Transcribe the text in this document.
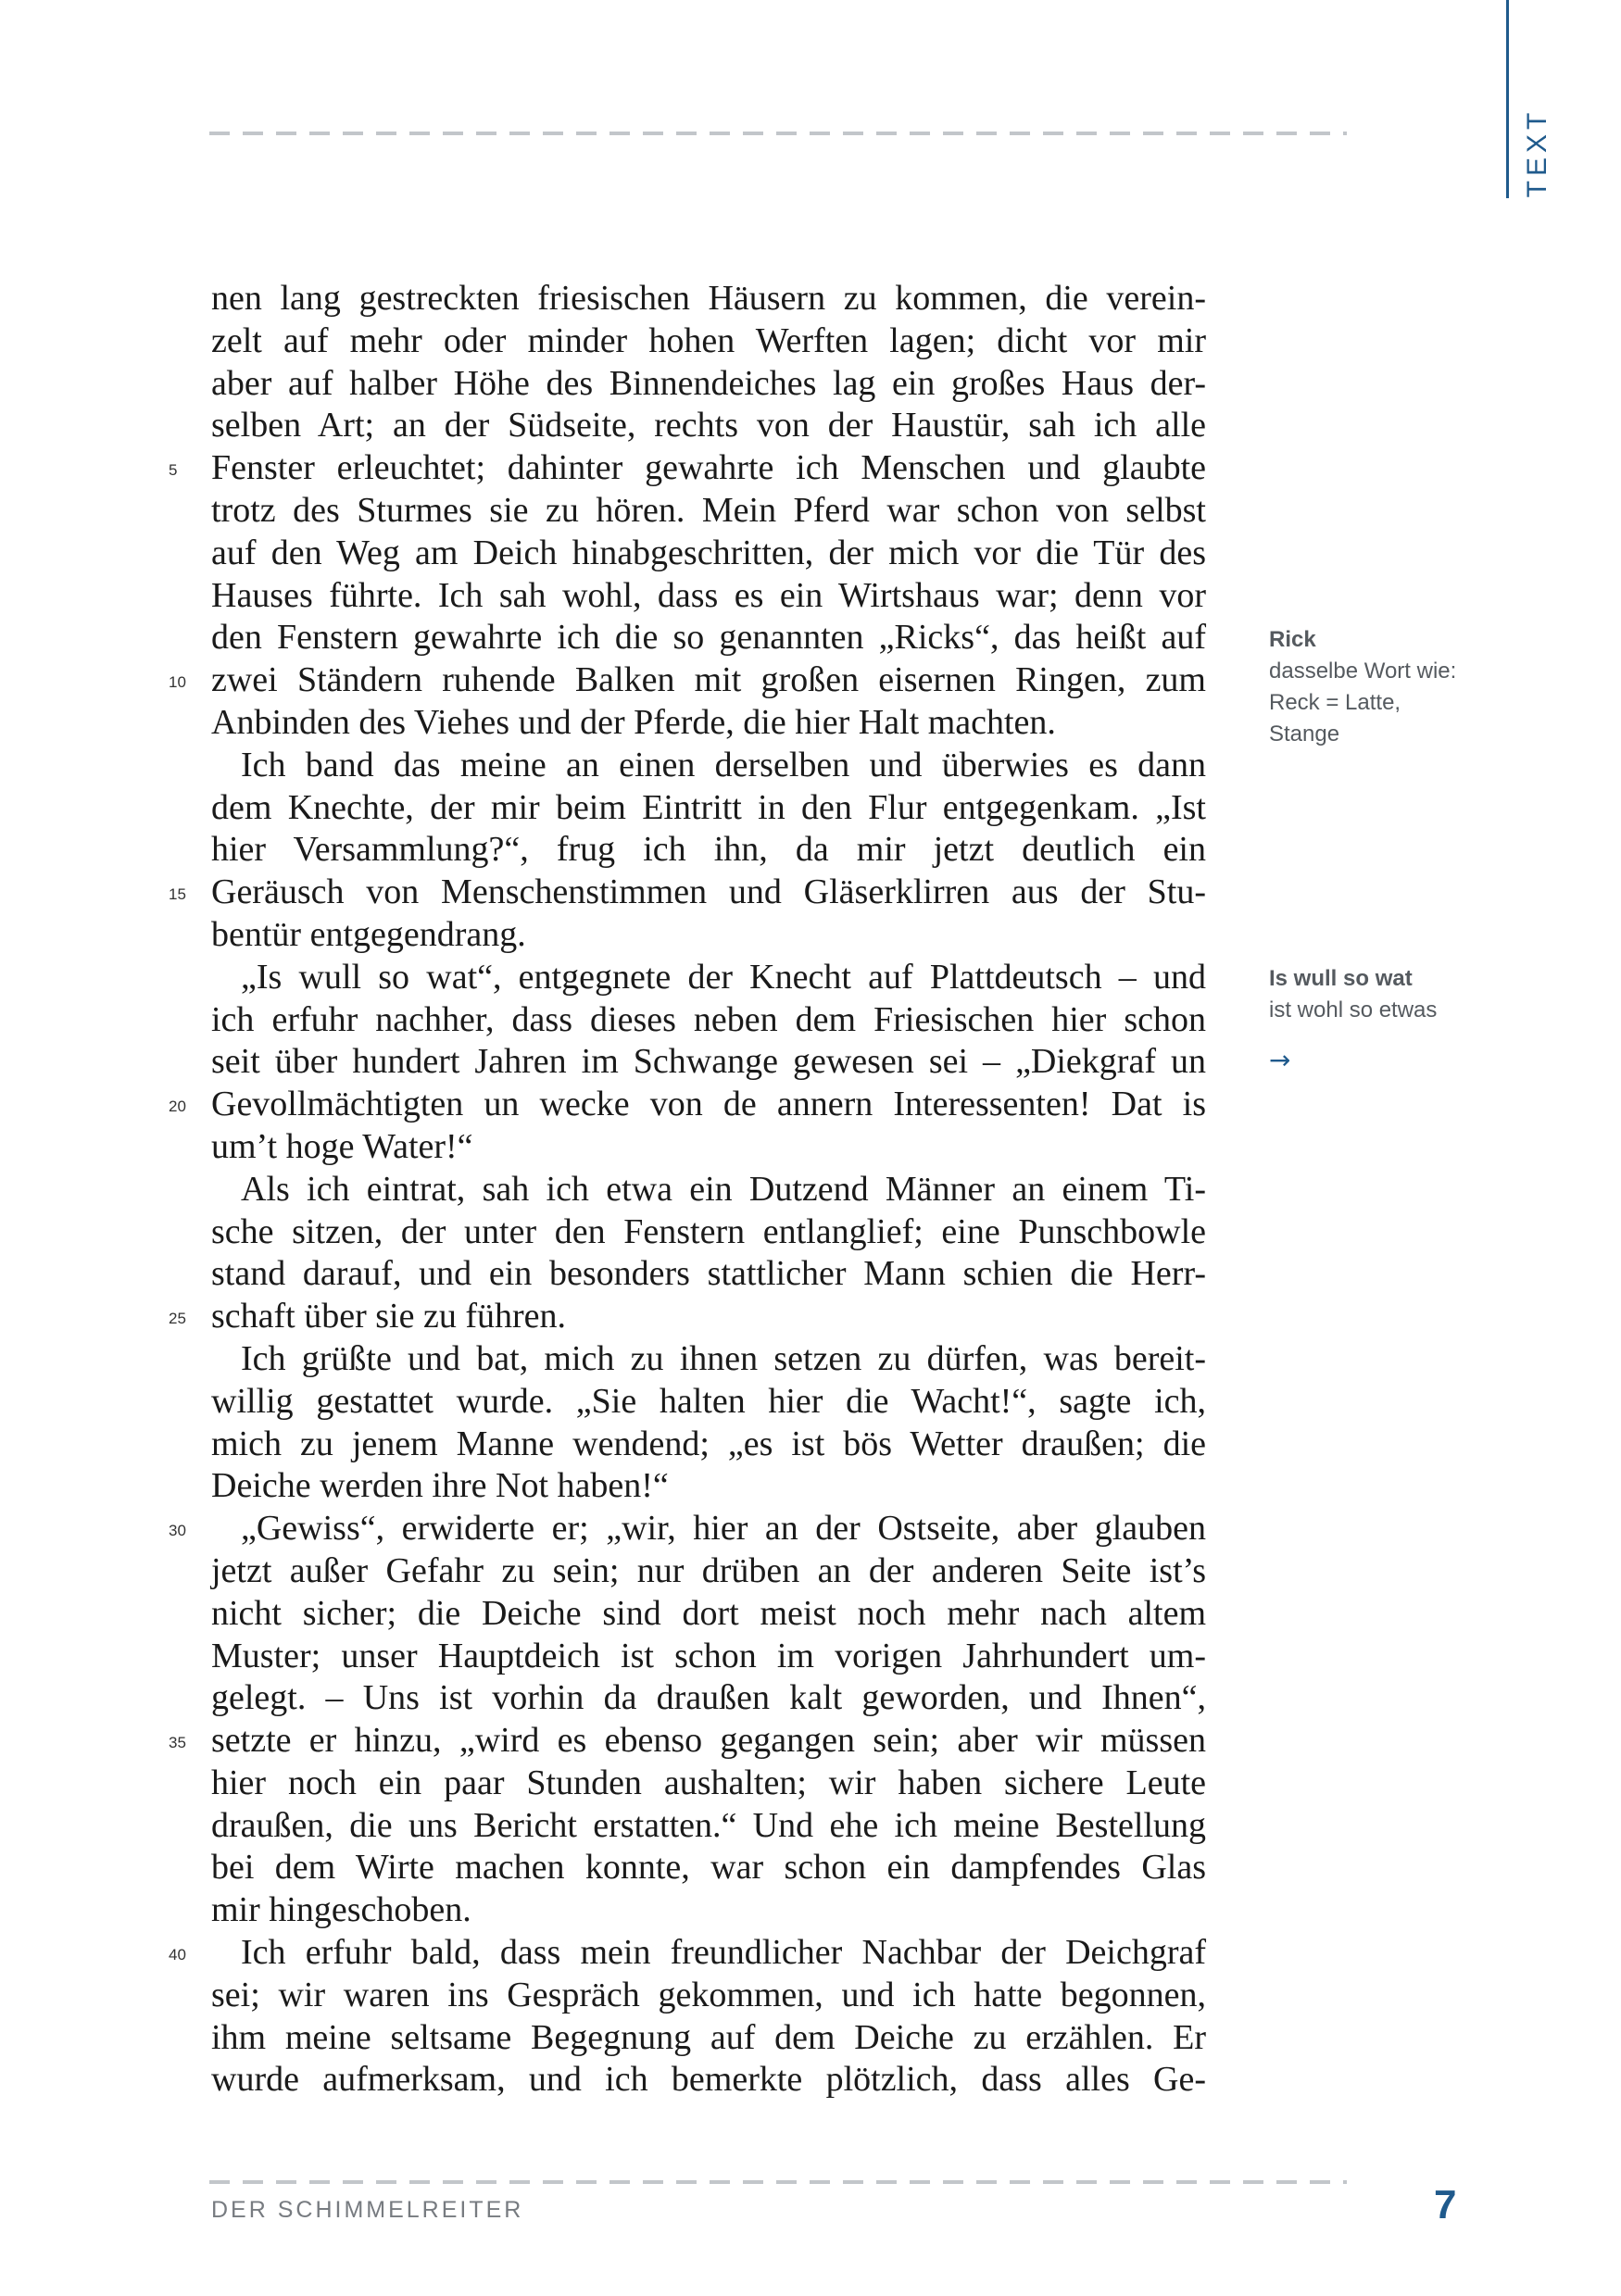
TEXT
nen lang gestreckten friesischen Häusern zu kommen, die verein-
zelt auf mehr oder minder hohen Werften lagen; dicht vor mir
aber auf halber Höhe des Binnendeiches lag ein großes Haus der-
selben Art; an der Südseite, rechts von der Haustür, sah ich alle
5 Fenster erleuchtet; dahinter gewahrte ich Menschen und glaubte
trotz des Sturmes sie zu hören. Mein Pferd war schon von selbst
auf den Weg am Deich hinabgeschritten, der mich vor die Tür des
Hauses führte. Ich sah wohl, dass es ein Wirtshaus war; denn vor
den Fenstern gewahrte ich die so genannten „Ricks“, das heißt auf
10 zwei Ständern ruhende Balken mit großen eisernen Ringen, zum
Anbinden des Viehes und der Pferde, die hier Halt machten.
Ich band das meine an einen derselben und überwies es dann
dem Knechte, der mir beim Eintritt in den Flur entgegenkam. „Ist
hier Versammlung?“, frug ich ihn, da mir jetzt deutlich ein
15 Geräusch von Menschenstimmen und Gläserklirren aus der Stu-
bentür entgegendrang.
„Is wull so wat“, entgegnete der Knecht auf Plattdeutsch – und
ich erfuhr nachher, dass dieses neben dem Friesischen hier schon
seit über hundert Jahren im Schwange gewesen sei – „Diekgraf un
20 Gevollmächtigten un wecke von de annern Interessenten! Dat is
um’t hoge Water!“
Als ich eintrat, sah ich etwa ein Dutzend Männer an einem Ti-
sche sitzen, der unter den Fenstern entlanglief; eine Punschbowle
stand darauf, und ein besonders stattlicher Mann schien die Herr-
25 schaft über sie zu führen.
Ich grüßte und bat, mich zu ihnen setzen zu dürfen, was bereit-
willig gestattet wurde. „Sie halten hier die Wacht!“, sagte ich,
mich zu jenem Manne wendend; „es ist bös Wetter draußen; die
Deiche werden ihre Not haben!“
30	„Gewiss“, erwiderte er; „wir, hier an der Ostseite, aber glauben
jetzt außer Gefahr zu sein; nur drüben an der anderen Seite ist’s
nicht sicher; die Deiche sind dort meist noch mehr nach altem
Muster; unser Hauptdeich ist schon im vorigen Jahrhundert um-
gelegt. – Uns ist vorhin da draußen kalt geworden, und Ihnen“,
35 setzte er hinzu, „wird es ebenso gegangen sein; aber wir müssen
hier noch ein paar Stunden aushalten; wir haben sichere Leute
draußen, die uns Bericht erstatten.“ Und ehe ich meine Bestellung
bei dem Wirte machen konnte, war schon ein dampfendes Glas
mir hingeschoben.
40	Ich erfuhr bald, dass mein freundlicher Nachbar der Deichgraf
sei; wir waren ins Gespräch gekommen, und ich hatte begonnen,
ihm meine seltsame Begegnung auf dem Deiche zu erzählen. Er
wurde aufmerksam, und ich bemerkte plötzlich, dass alles Ge-
Rick
dasselbe Wort wie:
Reck = Latte,
Stange
Is wull so wat
ist wohl so etwas
→
DER SCHIMMELREITER	7
